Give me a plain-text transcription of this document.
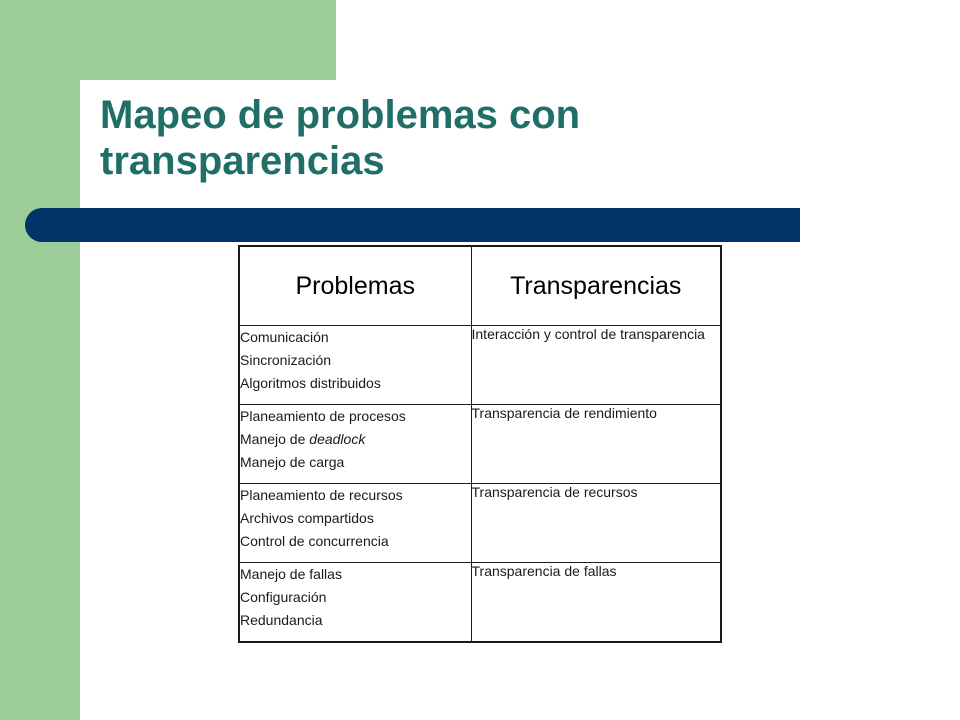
Mapeo de problemas con transparencias
Problemas	Transparencias

Comunicación
Sincronización
Algoritmos distribuidos	Interacción y control de transparencia

Planeamiento de procesos
Manejo de deadlock
Manejo de carga	Transparencia de rendimiento

Planeamiento de recursos
Archivos compartidos
Control de concurrencia	Transparencia de recursos

Manejo de fallas
Configuración
Redundancia	Transparencia de fallas
